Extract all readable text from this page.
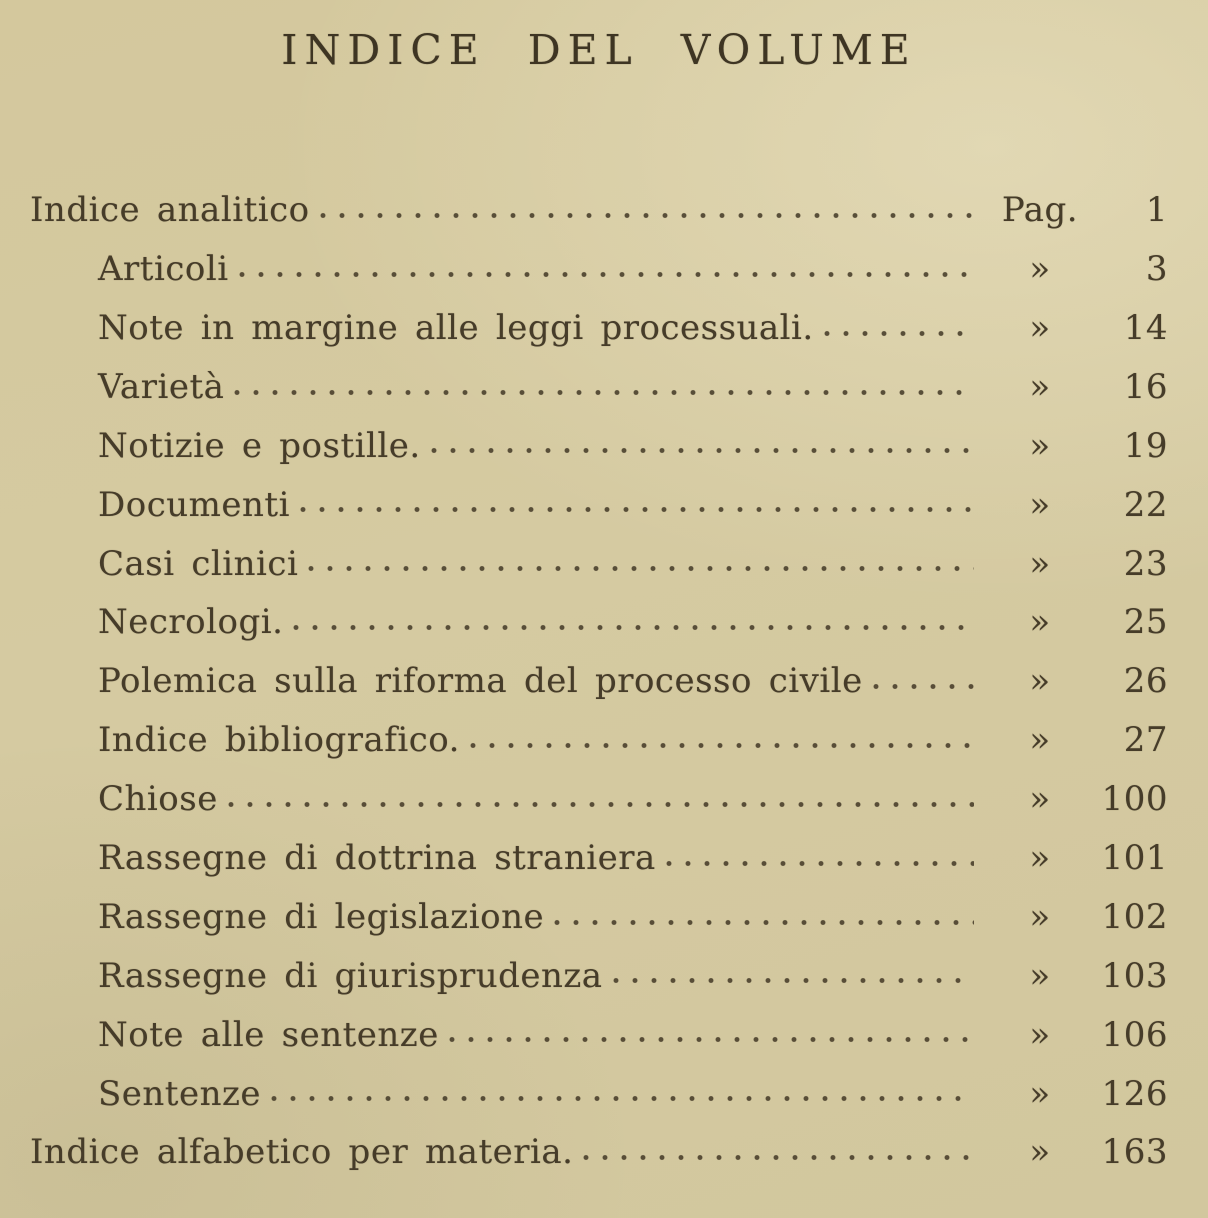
INDICE DEL VOLUME
Indice analitico	Pag.	1
Articoli	»	3
Note in margine alle leggi processuali.	»	14
Varietà	»	16
Notizie e postille.	»	19
Documenti	»	22
Casi clinici	»	23
Necrologi.	»	25
Polemica sulla riforma del processo civile	»	26
Indice bibliografico.	»	27
Chiose	»	100
Rassegne di dottrina straniera	»	101
Rassegne di legislazione	»	102
Rassegne di giurisprudenza	»	103
Note alle sentenze	»	106
Sentenze	»	126
Indice alfabetico per materia.	»	163
